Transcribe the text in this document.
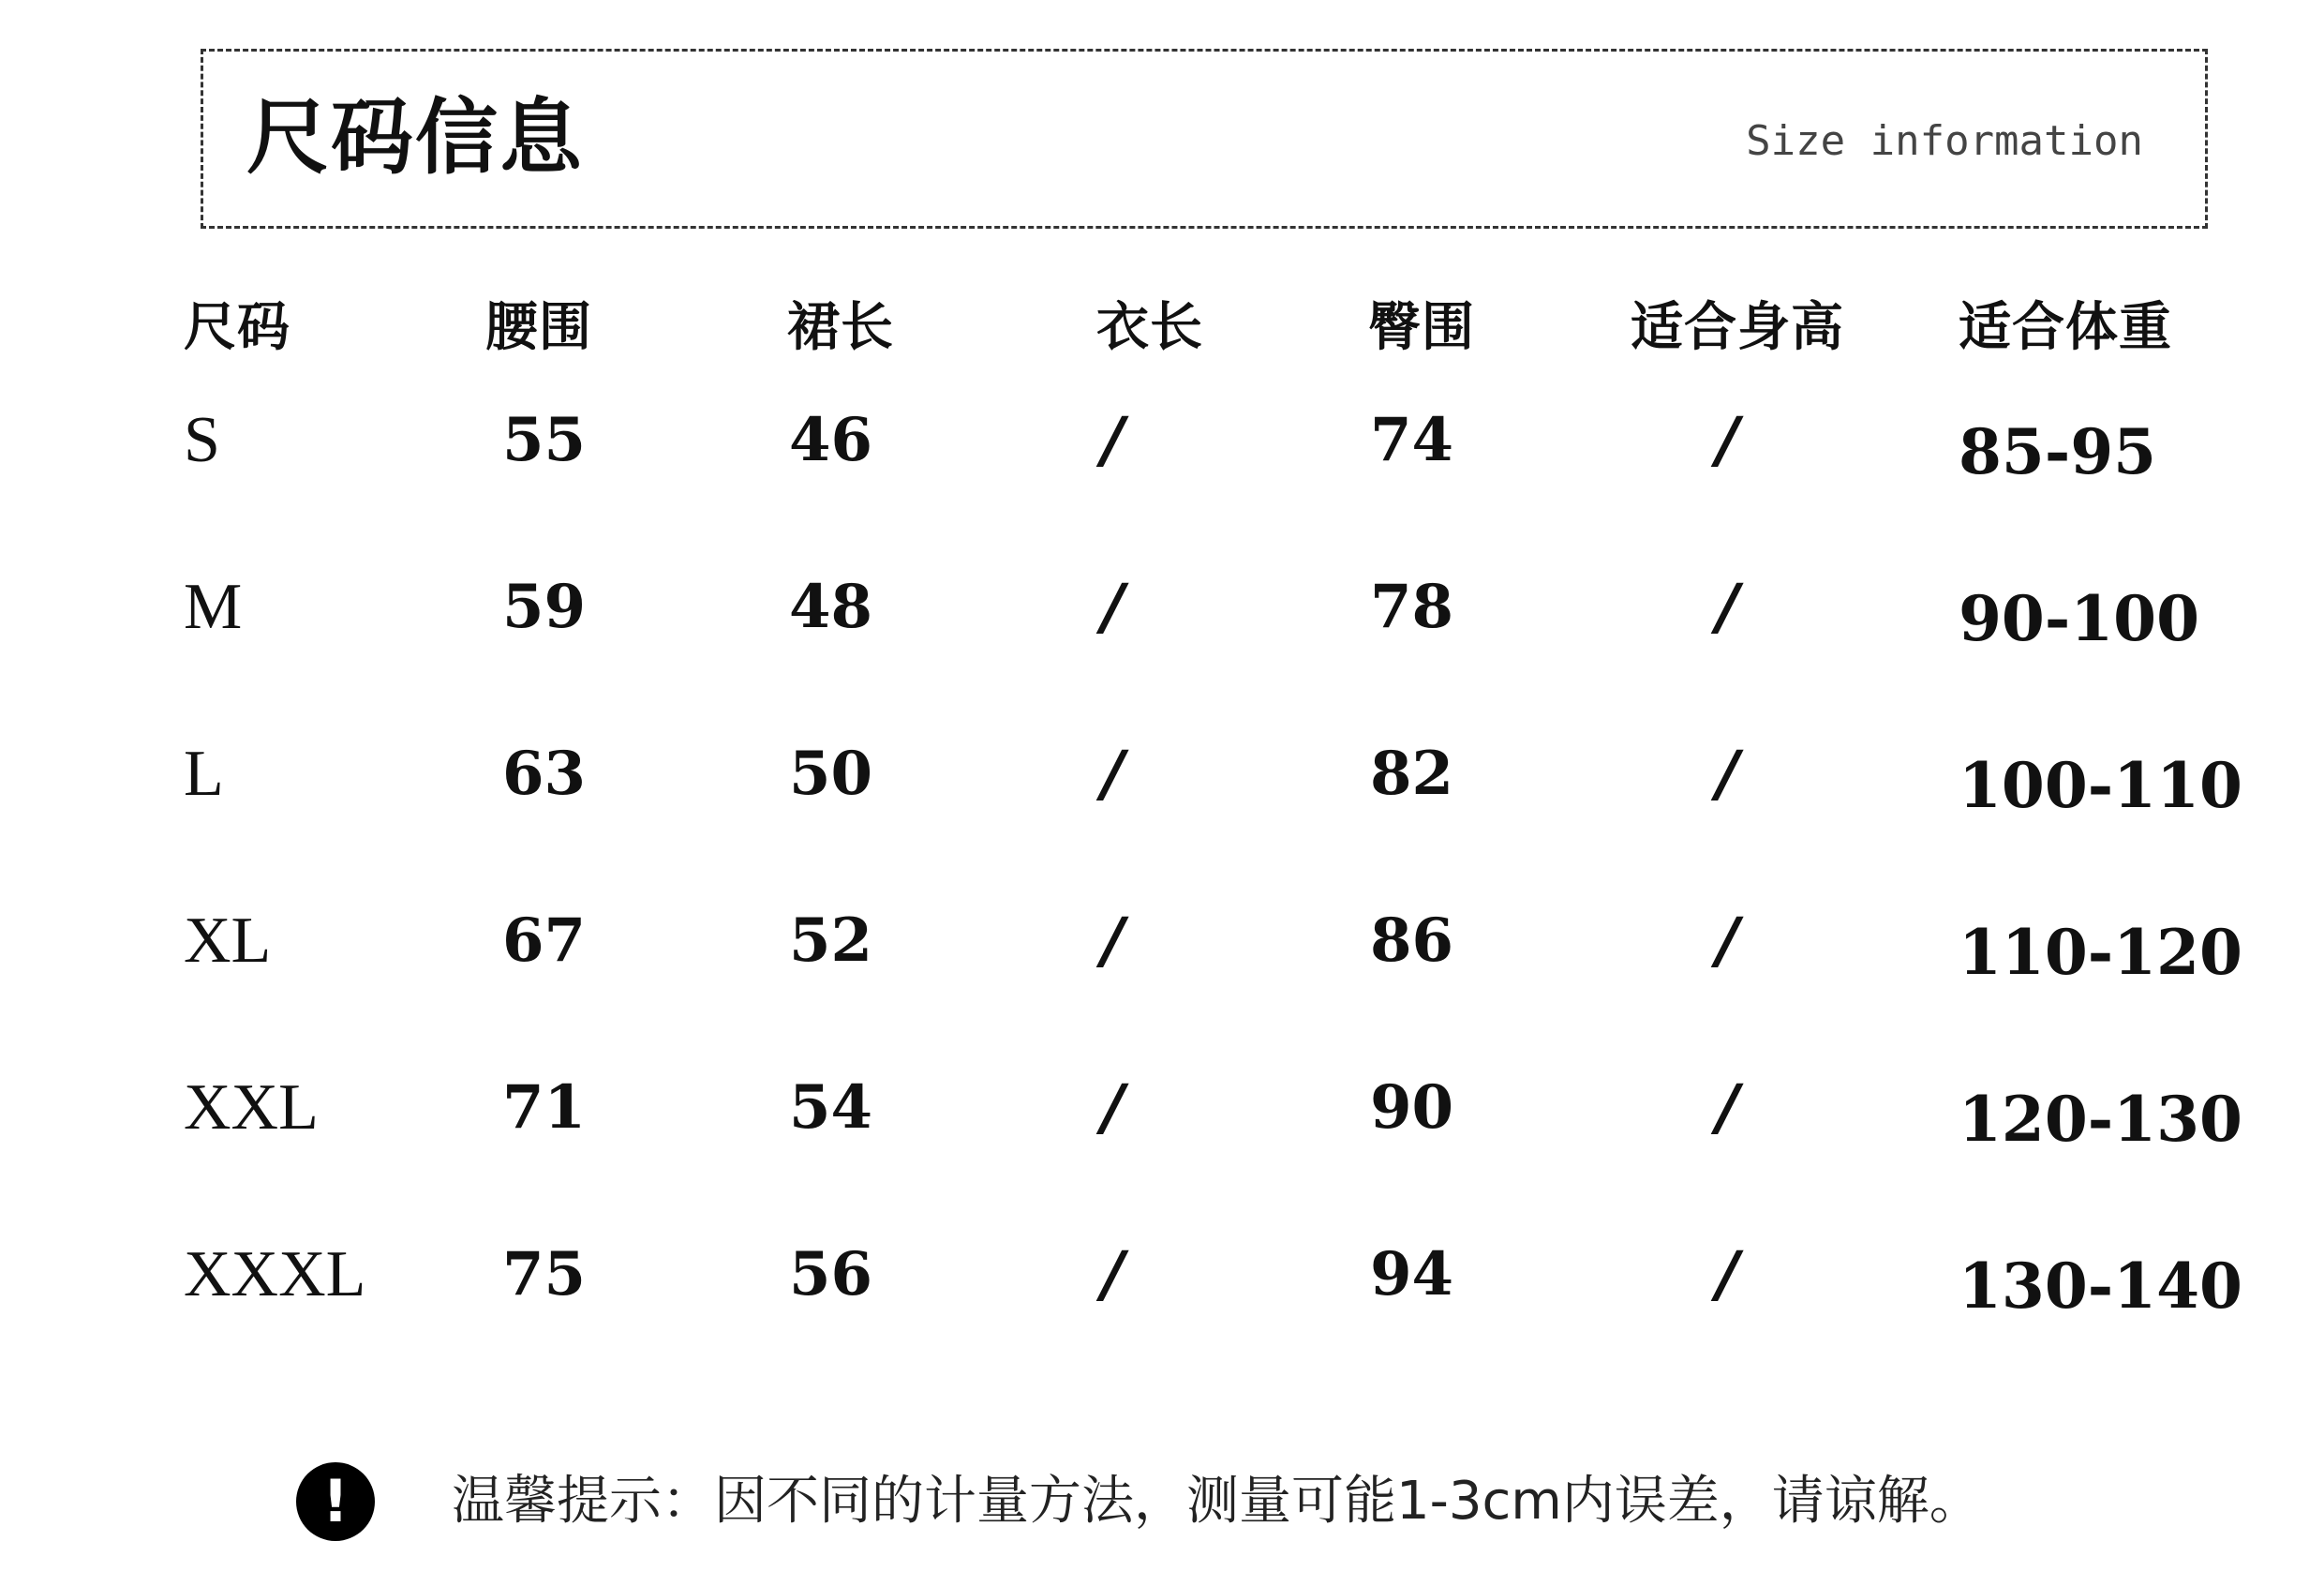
尺码信息	Size information
尺码	腰围	裙长	衣长	臀围	适合身高 适合体重
S	55	46	/	74	/	85-95
M	59	48	/	78	/	90-100
L	63	50	/	82	/	100-110
XL	67	52	/	86	/	110-120
XXL	71	54	/	90	/	120-130
XXXL 75	56	/	94	/	130-140
!	温馨提示：因不同的计量方法，测量可能1-3cm内误差，请谅解。
